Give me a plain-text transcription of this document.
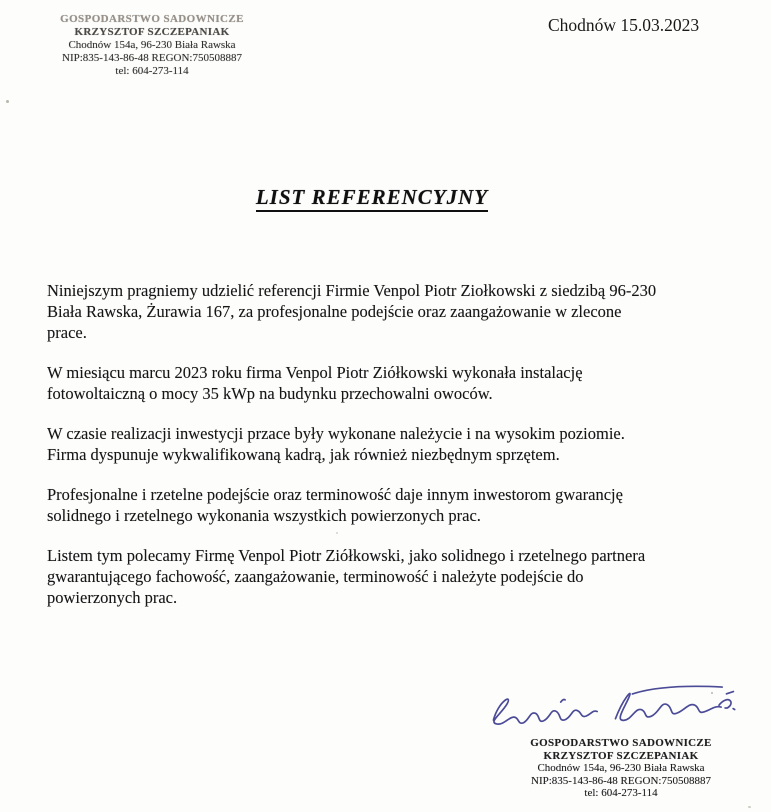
GOSPODARSTWO SADOWNICZE
KRZYSZTOF SZCZEPANIAK
Chodnów 154a, 96-230 Biała Rawska
NIP:835-143-86-48 REGON:750508887
tel: 604-273-114
Chodnów 15.03.2023
LIST REFERENCYJNY
Niniejszym pragniemy udzielić referencji Firmie Venpol Piotr Ziołkowski z siedzibą 96-230
Biała Rawska, Żurawia 167, za profesjonalne podejście oraz zaangażowanie w zlecone
prace.
W miesiącu marcu 2023 roku firma Venpol Piotr Ziółkowski wykonała instalację
fotowoltaiczną o mocy 35 kWp na budynku przechowalni owoców.
W czasie realizacji inwestycji przace były wykonane należycie i na wysokim poziomie.
Firma dyspunuje wykwalifikowaną kadrą, jak również niezbędnym sprzętem.
Profesjonalne i rzetelne podejście oraz terminowość daje innym inwestorom gwarancję
solidnego i rzetelnego wykonania wszystkich powierzonych prac.
Listem tym polecamy Firmę Venpol Piotr Ziółkowski, jako solidnego i rzetelnego partnera
gwarantującego fachowość, zaangażowanie, terminowość i należyte podejście do
powierzonych prac.
GOSPODARSTWO SADOWNICZE
KRZYSZTOF SZCZEPANIAK
Chodnów 154a, 96-230 Biała Rawska
NIP:835-143-86-48 REGON:750508887
tel: 604-273-114
